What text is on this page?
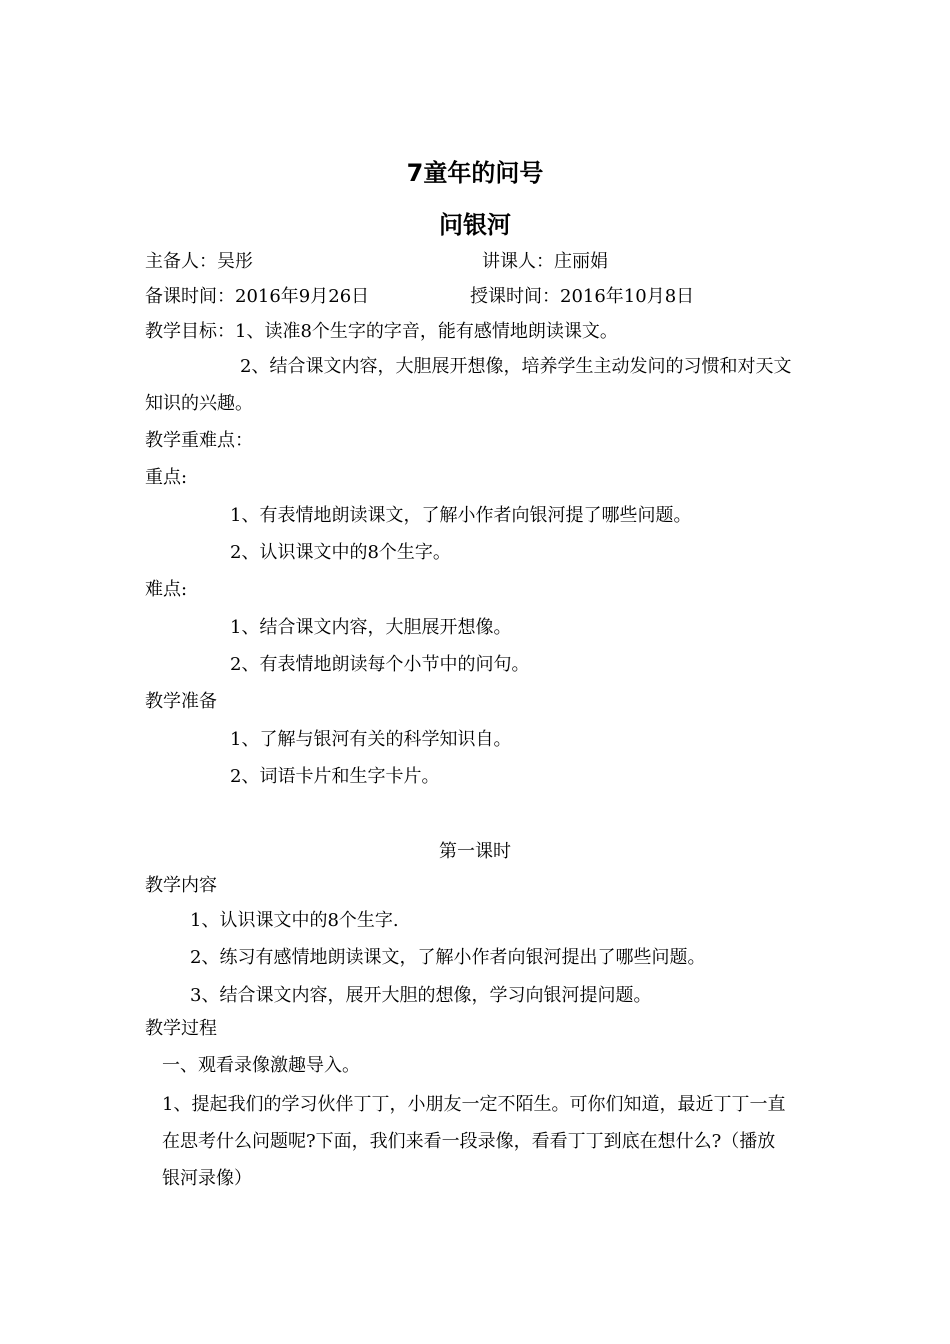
7童年的问号
问银河
主备人：吴彤	讲课人：庄丽娟
备课时间：2016年9月26日	授课时间：2016年10月8日
教学目标：1、读准8个生字的字音，能有感情地朗读课文。
2、结合课文内容，大胆展开想像，培养学生主动发问的习惯和对天文
知识的兴趣。
教学重难点：
重点:
1、有表情地朗读课文，了解小作者向银河提了哪些问题。
2、认识课文中的8个生字。
难点:
1、结合课文内容，大胆展开想像。
2、有表情地朗读每个小节中的问句。
教学准备
1、了解与银河有关的科学知识自。
2、词语卡片和生字卡片。
第一课时
教学内容
1、认识课文中的8个生字.
2、练习有感情地朗读课文，了解小作者向银河提出了哪些问题。
3、结合课文内容，展开大胆的想像，学习向银河提问题。
教学过程
一、观看录像激趣导入。
1、提起我们的学习伙伴丁丁，小朋友一定不陌生。可你们知道，最近丁丁一直
在思考什么问题呢?下面，我们来看一段录像，看看丁丁到底在想什么?（播放
银河录像）
